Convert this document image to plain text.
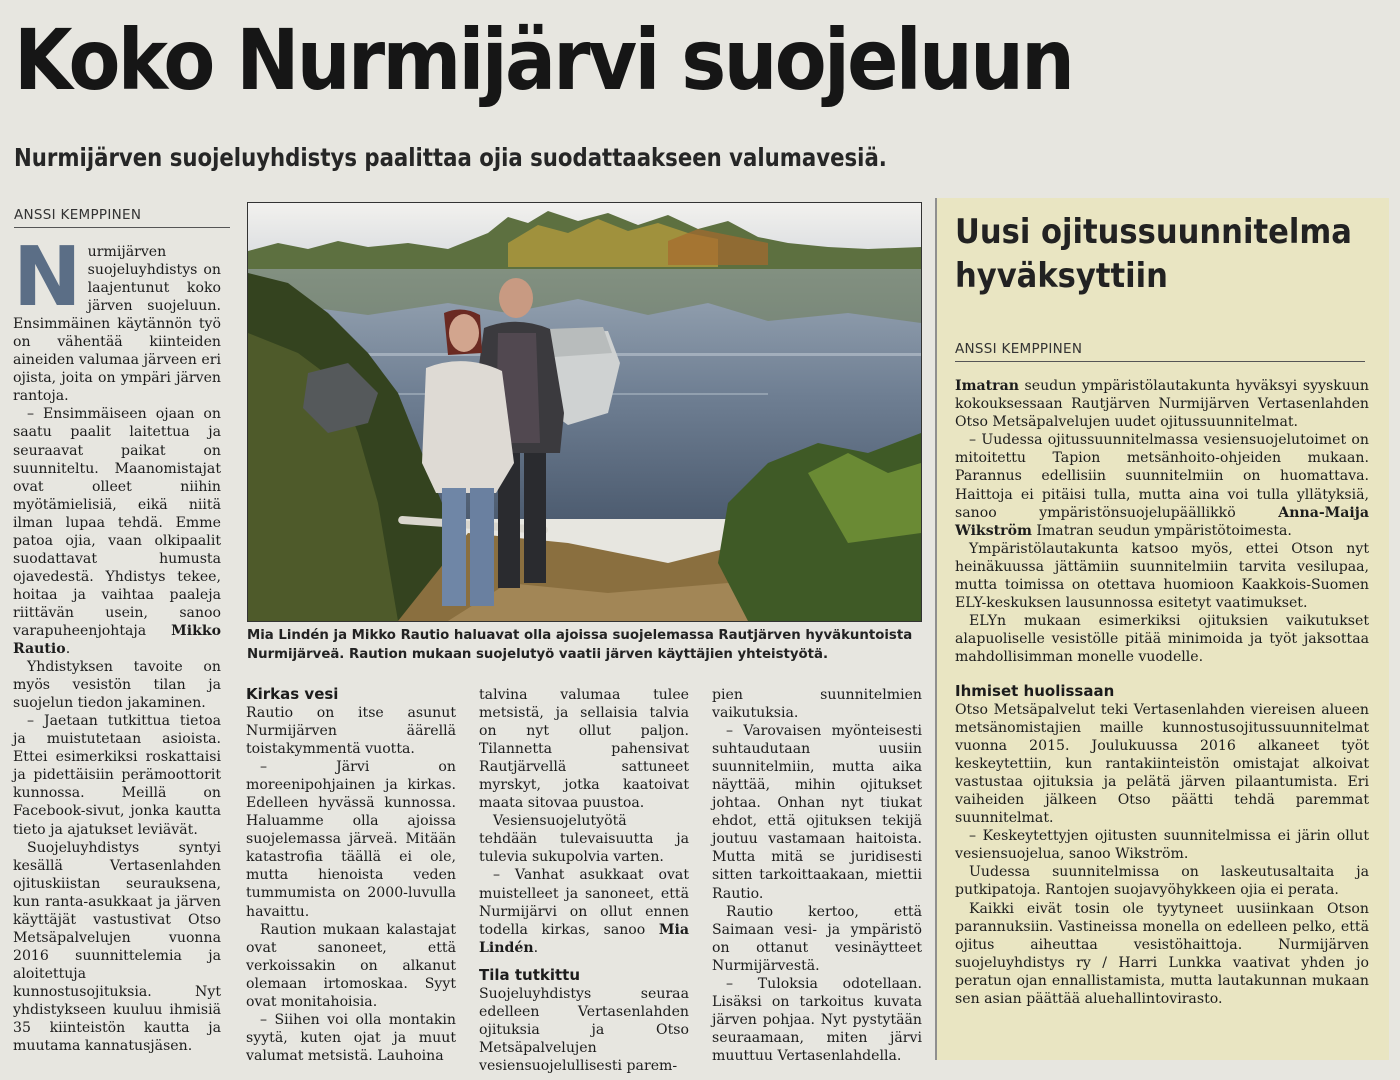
Koko Nurmijärvi suojeluun
Nurmijärven suojeluyhdistys paalittaa ojia suodattaakseen valumavesiä.
ANSSI KEMPPINEN
N urmijärven suojeluyhdistys on laajentunut koko järven suojeluun. Ensimmäinen käytännön työ on vähentää kiinteiden aineiden valumaa järveen eri ojista, joita on ympäri järven rantoja.

– Ensimmäiseen ojaan on saatu paalit laitettua ja seuraavat paikat on suunniteltu. Maanomistajat ovat olleet niihin myötämielisiä, eikä niitä ilman lupaa tehdä. Emme patoa ojia, vaan olkipaalit suodattavat humusta ojavedestä. Yhdistys tekee, hoitaa ja vaihtaa paaleja riittävän usein, sanoo varapuheenjohtaja Mikko Rautio.

Yhdistyksen tavoite on myös vesistön tilan ja suojelun tiedon jakaminen.

– Jaetaan tutkittua tietoa ja muistutetaan asioista. Ettei esimerkiksi roskattaisi ja pidettäisiin perämoottorit kunnossa. Meillä on Facebook-sivut, jonka kautta tieto ja ajatukset leviävät.

Suojeluyhdistys syntyi kesällä Vertasenlahden ojituskiistan seurauksena, kun ranta-asukkaat ja järven käyttäjät vastustivat Otso Metsäpalvelujen vuonna 2016 suunnittelemia ja aloitettuja kunnostusojituksia. Nyt yhdistykseen kuuluu ihmisiä 35 kiinteistön kautta ja muutama kannatusjäsen.

Mia Lindén ja Mikko Rautio haluavat olla ajoissa suojelemassa Rautjärven hyväkuntoista Nurmijärveä. Raution mukaan suojelutyö vaatii järven käyttäjien yhteistyötä.
Kirkas vesi

Rautio on itse asunut Nurmijärven äärellä toistakymmentä vuotta.

– Järvi on moreenipohjainen ja kirkas. Edelleen hyvässä kunnossa. Haluamme olla ajoissa suojelemassa järveä. Mitään katastrofia täällä ei ole, mutta hienoista veden tummumista on 2000-luvulla havaittu.

Raution mukaan kalastajat ovat sanoneet, että verkoissakin on alkanut olemaan irtomoskaa. Syyt ovat monitahoisia.

– Siihen voi olla montakin syytä, kuten ojat ja muut valumat metsistä. Lauhoina

talvina valumaa tulee metsistä, ja sellaisia talvia on nyt ollut paljon. Tilannetta pahensivat Rautjärvellä sattuneet myrskyt, jotka kaatoivat maata sitovaa puustoa.

Vesiensuojelutyötä tehdään tulevaisuutta ja tulevia sukupolvia varten.

– Vanhat asukkaat ovat muistelleet ja sanoneet, että Nurmijärvi on ollut ennen todella kirkas, sanoo Mia Lindén.

Tila tutkittu

Suojeluyhdistys seuraa edelleen Vertasenlahden ojituksia ja Otso Metsäpalvelujen vesiensuojelullisesti parem-

pien suunnitelmien vaikutuksia.

– Varovaisen myönteisesti suhtaudutaan uusiin suunnitelmiin, mutta aika näyttää, mihin ojitukset johtaa. Onhan nyt tiukat ehdot, että ojituksen tekijä joutuu vastamaan haitoista. Mutta mitä se juridisesti sitten tarkoittaakaan, miettii Rautio.

Rautio kertoo, että Saimaan vesi- ja ympäristö on ottanut vesinäytteet Nurmijärvestä.

– Tuloksia odotellaan. Lisäksi on tarkoitus kuvata järven pohjaa. Nyt pystytään seuraamaan, miten järvi muuttuu Vertasenlahdella.

Uusi ojitussuunnitelma hyväksyttiin
ANSSI KEMPPINEN

Imatran seudun ympäristölautakunta hyväksyi syyskuun kokouksessaan Rautjärven Nurmijärven Vertasenlahden Otso Metsäpalvelujen uudet ojitussuunnitelmat.

– Uudessa ojitussuunnitelmassa vesiensuojelutoimet on mitoitettu Tapion metsänhoito-ohjeiden mukaan. Parannus edellisiin suunnitelmiin on huomattava. Haittoja ei pitäisi tulla, mutta aina voi tulla yllätyksiä, sanoo ympäristönsuojelupäällikkö	Anna-Maija Wikström Imatran seudun ympäristötoimesta.

Ympäristölautakunta katsoo myös, ettei Otson nyt heinäkuussa jättämiin suunnitelmiin tarvita vesilupaa, mutta toimissa on otettava huomioon Kaakkois-Suomen ELY-keskuksen lausunnossa esitetyt vaatimukset.

ELYn mukaan esimerkiksi ojituksien vaikutukset alapuoliselle vesistölle pitää minimoida ja työt jaksottaa mahdollisimman monelle vuodelle.

Ihmiset huolissaan

Otso Metsäpalvelut teki Vertasenlahden viereisen alueen metsänomistajien maille kunnostusojitussuunnitelmat vuonna 2015. Joulukuussa 2016 alkaneet työt keskeytettiin, kun rantakiinteistön omistajat alkoivat vastustaa ojituksia ja pelätä järven pilaantumista. Eri vaiheiden jälkeen Otso päätti tehdä paremmat suunnitelmat.

– Keskeytettyjen ojitusten suunnitelmissa ei järin ollut vesiensuojelua, sanoo Wikström.

Uudessa suunnitelmissa on laskeutusaltaita ja putkipatoja. Rantojen suojavyöhykkeen ojia ei perata.

Kaikki eivät tosin ole tyytyneet uusiinkaan Otson parannuksiin. Vastineissa monella on edelleen pelko, että ojitus aiheuttaa vesistöhaittoja. Nurmijärven suojeluyhdistys ry / Harri Lunkka vaativat yhden jo peratun ojan ennallistamista, mutta lautakunnan mukaan sen asian päättää aluehallintovirasto.
